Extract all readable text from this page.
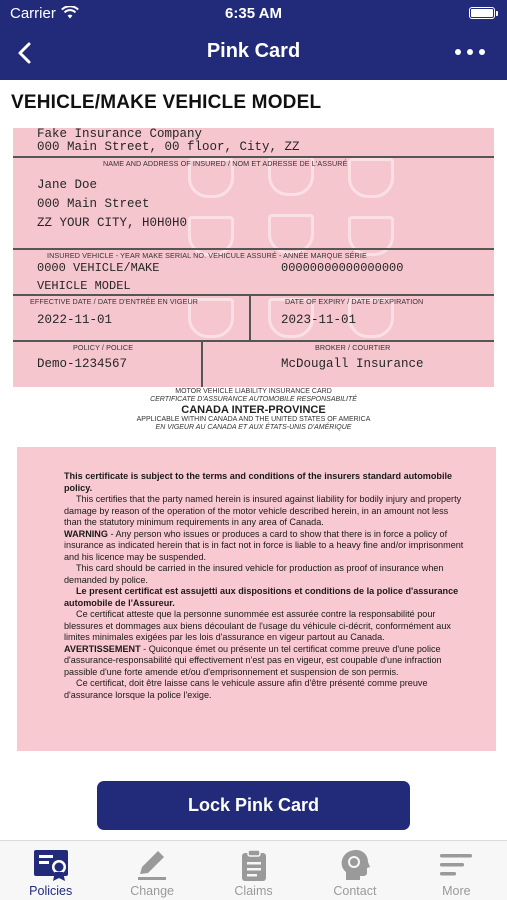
Carrier	6:35 AM
Pink Card
VEHICLE/MAKE VEHICLE MODEL
Fake Insurance Company
000 Main Street, 00 floor, City, ZZ
NAME AND ADDRESS OF INSURED / NOM ET ADRESSE DE L'ASSURÉ
Jane Doe
000 Main Street
ZZ YOUR CITY, H0H0H0
INSURED VEHICLE - YEAR MAKE SERIAL NO. VEHICULE ASSURÉ - ANNÉE MARQUE SÉRIE
0000 VEHICLE/MAKE	00000000000000000
VEHICLE MODEL
EFFECTIVE DATE / DATE D'ENTRÉE EN VIGEUR	DATE OF EXPIRY / DATE D'EXPIRATION
2022-11-01	2023-11-01
POLICY / POLICE	BROKER / COURTIER
Demo-1234567	McDougall Insurance
MOTOR VEHICLE LIABILITY INSURANCE CARD
CERTIFICATE D'ASSURANCE AUTOMOBILE RESPONSABILITÉ
CANADA INTER-PROVINCE
APPLICABLE WITHIN CANADA AND THE UNITED STATES OF AMERICA
EN VIGEUR AU CANADA ET AUX ÉTATS-UNIS D'AMÉRIQUE

This certificate is subject to the terms and conditions of the insurers standard automobile policy.

This certifies that the party named herein is insured against liability for bodily injury and property damage by reason of the operation of the motor vehicle described herein, in an amount not less than the statutory minimum requirements in any area of Canada.

WARNING - Any person who issues or produces a card to show that there is in force a policy of insurance as indicated herein that is in fact not in force is liable to a heavy fine and/or imprisonment and his licence may be suspended.

This card should be carried in the insured vehicle for production as proof of insurance when demanded by police.

Le present certificat est assujetti aux dispositions et conditions de la police d'assurance automobile de l'Assureur.

Ce certificat atteste que la personne sunommée est assurée contre la responsabilité pour blessures et dommages aux biens découlant de l'usage du véhicule ci-décrit, conformément aux limites minimales exigées par les lois d'assurance en vigeur partout au Canada.

AVERTISSEMENT - Quiconque émet ou présente un tel certificat comme preuve d'une police d'assurance-responsabilité qui effectivement n'est pas en vigeur, est coupable d'une infraction passible d'une forte amende et/ou d'emprisonnement et suspension de son permis.

Ce certificat, doit être laisse cans le vehicule assure afin d'être présenté comme preuve d'assurance lorsque la police l'exige.

Lock Pink Card
Policies	Change	Claims	Contact	More
